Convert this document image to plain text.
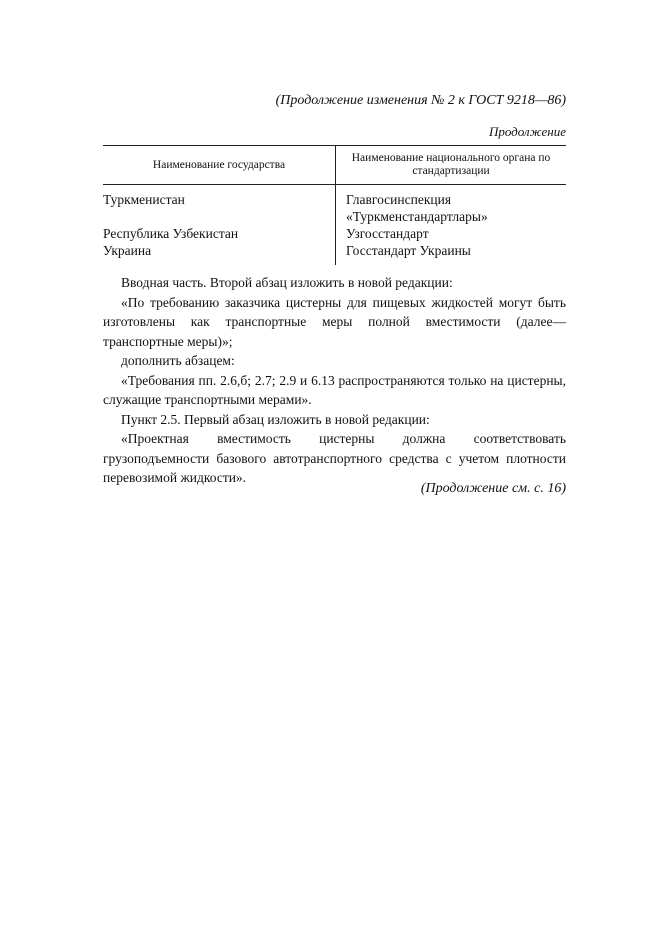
(Продолжение изменения № 2 к ГОСТ 9218—86)
Продолжение
Наименование государства
Наименование национального органа по стандартизации
Туркменистан
Республика Узбекистан
Украина
Главгосинспекция «Туркменстандартлары»
Узгосстандарт
Госстандарт Украины

Вводная часть. Второй абзац изложить в новой редакции:

«По требованию заказчика цистерны для пищевых жидкостей могут быть изготовлены как транспортные меры полной вместимости (далее— транспортные меры)»;

дополнить абзацем:

«Требования пп. 2.6,б; 2.7; 2.9 и 6.13 распространяются только на цистерны, служащие транспортными мерами».

Пункт 2.5. Первый абзац изложить в новой редакции:

«Проектная вместимость цистерны должна соответствовать грузоподъемности базового автотранспортного средства с учетом плотности перевозимой жидкости».

(Продолжение см. с. 16)
